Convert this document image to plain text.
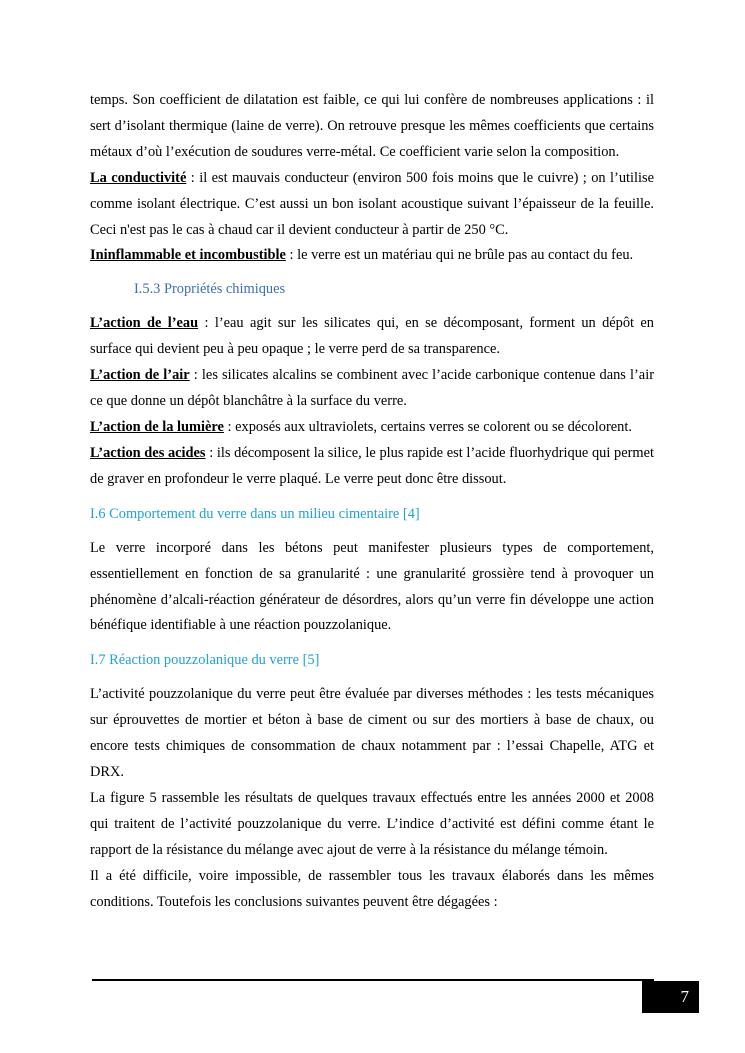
temps. Son coefficient de dilatation est faible, ce qui lui confère de nombreuses applications : il sert d’isolant thermique (laine de verre). On retrouve presque les mêmes coefficients que certains métaux d’où l’exécution de soudures verre-métal. Ce coefficient varie selon la composition.

La conductivité : il est mauvais conducteur (environ 500 fois moins que le cuivre) ; on l’utilise comme isolant électrique. C’est aussi un bon isolant acoustique suivant l’épaisseur de la feuille. Ceci n'est pas le cas à chaud car il devient conducteur à partir de 250 °C.

Ininflammable et incombustible : le verre est un matériau qui ne brûle pas au contact du feu.

I.5.3 Propriétés chimiques

L’action de l’eau : l’eau agit sur les silicates qui, en se décomposant, forment un dépôt en surface qui devient peu à peu opaque ; le verre perd de sa transparence.

L’action de l’air : les silicates alcalins se combinent avec l’acide carbonique contenue dans l’air ce que donne un dépôt blanchâtre à la surface du verre.

L’action de la lumière : exposés aux ultraviolets, certains verres se colorent ou se décolorent.

L’action des acides : ils décomposent la silice, le plus rapide est l’acide fluorhydrique qui permet de graver en profondeur le verre plaqué. Le verre peut donc être dissout.

I.6 Comportement du verre dans un milieu cimentaire [4]

Le verre incorporé dans les bétons peut manifester plusieurs types de comportement, essentiellement en fonction de sa granularité : une granularité grossière tend à provoquer un phénomène d’alcali-réaction générateur de désordres, alors qu’un verre fin développe une action bénéfique identifiable à une réaction pouzzolanique.

I.7 Réaction pouzzolanique du verre [5]

L’activité pouzzolanique du verre peut être évaluée par diverses méthodes : les tests mécaniques sur éprouvettes de mortier et béton à base de ciment ou sur des mortiers à base de chaux, ou encore tests chimiques de consommation de chaux notamment par : l’essai Chapelle, ATG et DRX.

La figure 5 rassemble les résultats de quelques travaux effectués entre les années 2000 et 2008 qui traitent de l’activité pouzzolanique du verre. L’indice d’activité est défini comme étant le rapport de la résistance du mélange avec ajout de verre à la résistance du mélange témoin.

Il a été difficile, voire impossible, de rassembler tous les travaux élaborés dans les mêmes conditions. Toutefois les conclusions suivantes peuvent être dégagées :

7
